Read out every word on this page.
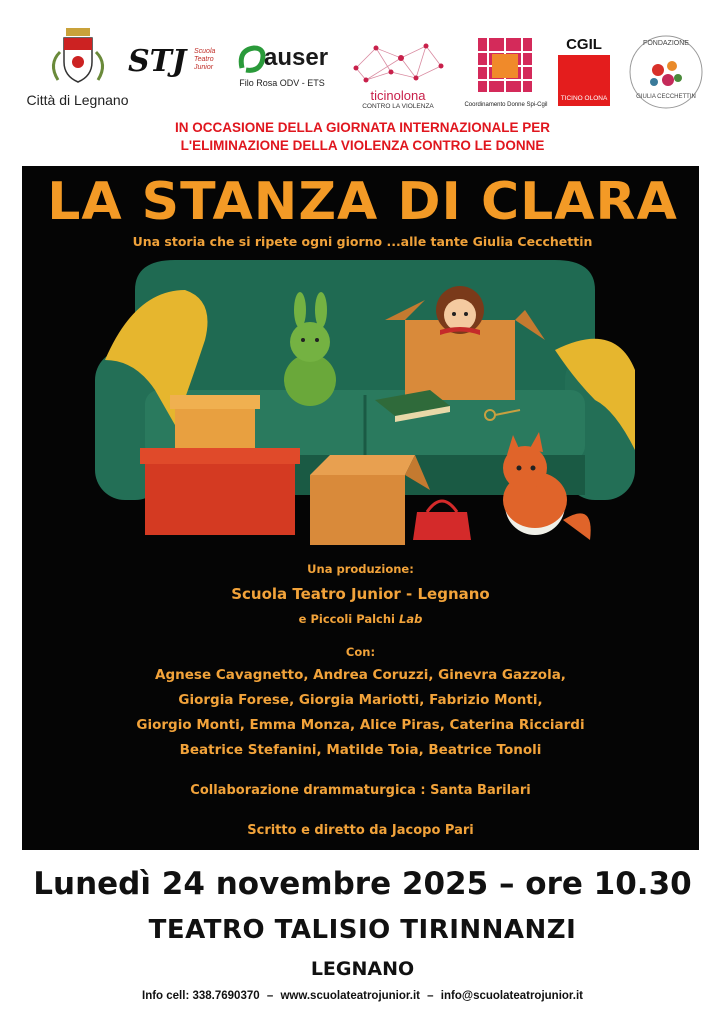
Città di Legnano
STJ Scuola Teatro Junior	auser
Filo Rosa ODV - ETS
ticinolona
CONTRO LA VIOLENZA	Coordinamento Donne Spi-Cgil
CGIL
TICINO OLONA
FONDAZIONE
GIULIA CECCHETTIN
IN OCCASIONE DELLA GIORNATA INTERNAZIONALE PER
L'ELIMINAZIONE DELLA VIOLENZA CONTRO LE DONNE
LA STANZA DI CLARA
Una storia che si ripete ogni giorno ...alle tante Giulia Cecchettin
Una produzione:
Scuola Teatro Junior - Legnano
e Piccoli Palchi Lab
Con:
Agnese Cavagnetto, Andrea Coruzzi, Ginevra Gazzola,
Giorgia Forese, Giorgia Mariotti, Fabrizio Monti,
Giorgio Monti, Emma Monza, Alice Piras, Caterina Ricciardi
Beatrice Stefanini, Matilde Toia, Beatrice Tonoli
Collaborazione drammaturgica : Santa Barilari
Scritto e diretto da Jacopo Pari
Lunedì 24 novembre 2025 – ore 10.30
TEATRO TALISIO TIRINNANZI
LEGNANO
Info cell: 338.7690370 – www.scuolateatrojunior.it – info@scuolateatrojunior.it
